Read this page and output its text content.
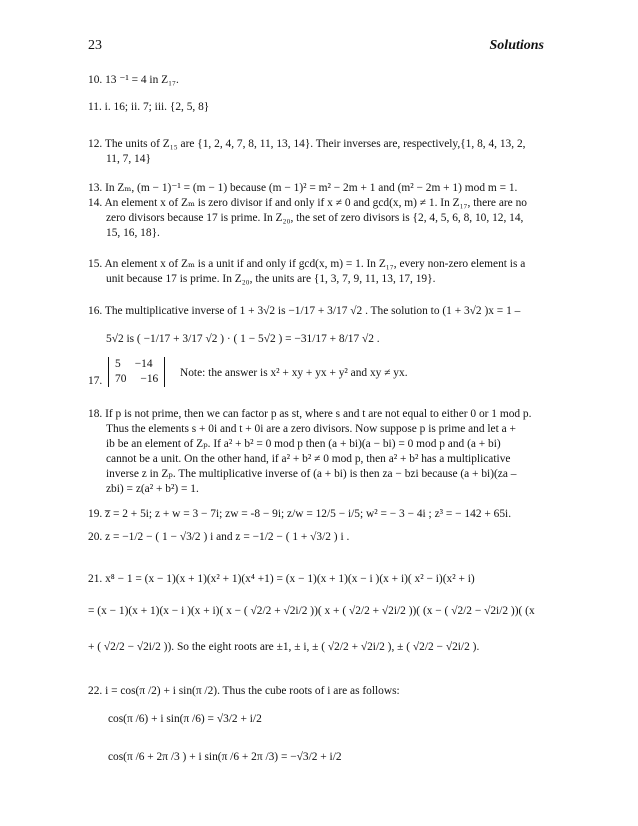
23	Solutions
10. 13 ⁻¹ = 4 in Z₁₇.
11. i. 16; ii. 7; iii. {2, 5, 8}
12. The units of Z₁₅ are {1, 2, 4, 7, 8, 11, 13, 14}. Their inverses are, respectively,{1, 8, 4, 13, 2,
11, 7, 14}
13. In Zₘ, (m − 1)⁻¹ = (m − 1) because (m − 1)² = m² − 2m + 1 and (m² − 2m + 1) mod m = 1.
14. An element x of Zₘ is zero divisor if and only if x ≠ 0 and gcd(x, m) ≠ 1. In Z₁₇, there are no
zero divisors because 17 is prime. In Z₂₀, the set of zero divisors is {2, 4, 5, 6, 8, 10, 12, 14,
15, 16, 18}.
15. An element x of Zₘ is a unit if and only if gcd(x, m) = 1. In Z₁₇, every non-zero element is a
unit because 17 is prime. In Z₂₀, the units are {1, 3, 7, 9, 11, 13, 17, 19}.
16. The multiplicative inverse of 1 + 3√2 is −1/17 + 3/17 √2 . The solution to (1 + 3√2 )x = 1 –
5√2 is ( −1/17 + 3/17 √2 ) · ( 1 − 5√2 ) = −31/17 + 8/17 √2 .
17.
5 −14
70 −16 Note: the answer is x² + xy + yx + y² and xy ≠ yx.
18. If p is not prime, then we can factor p as st, where s and t are not equal to either 0 or 1 mod p.
Thus the elements s + 0i and t + 0i are a zero divisors. Now suppose p is prime and let a +
ib be an element of Zₚ. If a² + b² = 0 mod p then (a + bi)(a − bi) = 0 mod p and (a + bi)
cannot be a unit. On the other hand, if a² + b² ≠ 0 mod p, then a² + b² has a multiplicative
inverse z in Zₚ. The multiplicative inverse of (a + bi) is then za − bzi because (a + bi)(za –
zbi) = z(a² + b²) = 1.
19. z̅ = 2 + 5i; z + w = 3 − 7i; zw = -8 − 9i; z/w = 12/5 − i/5; w² = − 3 − 4i ; z³ = − 142 + 65i.
20. z = −1/2 − ( 1 − √3/2 ) i and z = −1/2 − ( 1 + √3/2 ) i .
21. x⁸ − 1 = (x − 1)(x + 1)(x² + 1)(x⁴ +1) = (x − 1)(x + 1)(x − i )(x + i)( x² − i)(x² + i)
= (x − 1)(x + 1)(x − i )(x + i)( x − ( √2/2 + √2i/2 ))( x + ( √2/2 + √2i/2 ))( (x − ( √2/2 − √2i/2 ))( (x
+ ( √2/2 − √2i/2 )). So the eight roots are ±1, ± i, ± ( √2/2 + √2i/2 ), ± ( √2/2 − √2i/2 ).
22. i = cos(π /2) + i sin(π /2). Thus the cube roots of i are as follows:
cos(π /6) + i sin(π /6) = √3/2 + i/2
cos(π /6 + 2π /3 ) + i sin(π /6 + 2π /3) = −√3/2 + i/2
